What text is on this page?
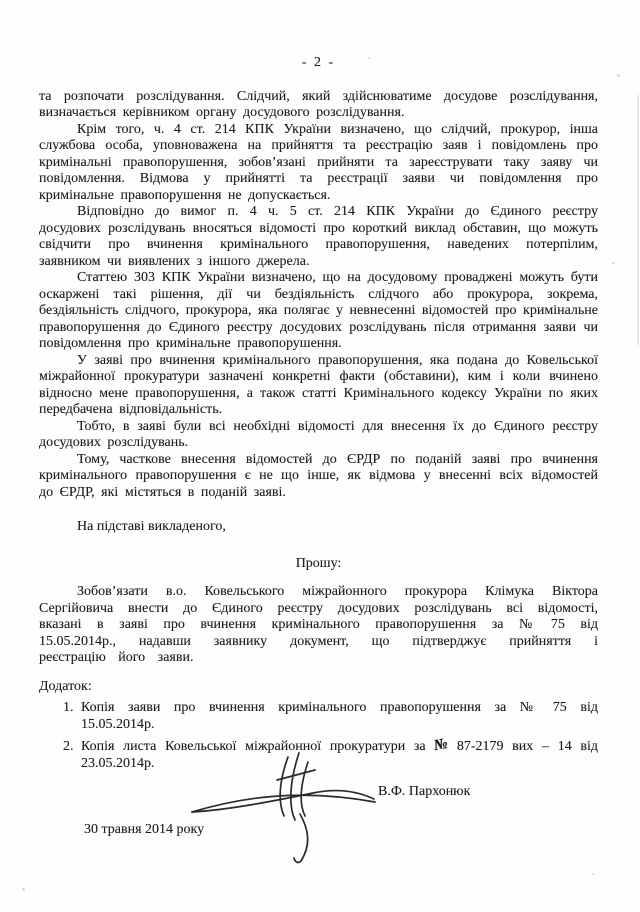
- 2 -

та розпочати розслідування. Слідчий, який здійснюватиме досудове розслідування, визначається керівником органу досудового розслідування.

Крім того, ч. 4 ст. 214 КПК України визначено, що слідчий, прокурор, інша службова особа, уповноважена на прийняття та реєстрацію заяв і повідомлень про кримінальні правопорушення, зобов’язані прийняти та зареєструвати таку заяву чи повідомлення. Відмова у прийнятті та реєстрації заяви чи повідомлення про кримінальне правопорушення не допускається.

Відповідно до вимог п. 4 ч. 5 ст. 214 КПК України до Єдиного реєстру досудових розслідувань вносяться відомості про короткий виклад обставин, що можуть свідчити про вчинення кримінального правопорушення, наведених потерпілим, заявником чи виявлених з іншого джерела.

Статтею 303 КПК України визначено, що на досудовому проваджені можуть бути оскаржені такі рішення, дії чи бездіяльність слідчого або прокурора, зокрема, бездіяльність слідчого, прокурора, яка полягає у невнесенні відомостей про кримінальне правопорушення до Єдиного реєстру досудових розслідувань після отримання заяви чи повідомлення про кримінальне правопорушення.

У заяві про вчинення кримінального правопорушення, яка подана до Ковельської міжрайонної прокуратури зазначені конкретні факти (обставини), ким і коли вчинено відносно мене правопорушення, а також статті Кримінального кодексу України по яких передбачена відповідальність.

Тобто, в заяві були всі необхідні відомості для внесення їх до Єдиного реєстру досудових розслідувань.

Тому, часткове внесення відомостей до ЄРДР по поданій заяві про вчинення кримінального правопорушення є не що інше, як відмова у внесенні всіх відомостей до ЄРДР, які містяться в поданій заяві.

На підставі викладеного,

Прошу:

Зобов’язати в.о. Ковельського міжрайонного прокурора Клімука Віктора Сергійовича внести до Єдиного реєстру досудових розслідувань всі відомості, вказані в заяві про вчинення кримінального правопорушення за № 75 від 15.05.2014р., надавши заявнику документ, що підтверджує прийняття і реєстрацію його заяви.

Додаток:
1. Копія заяви про вчинення кримінального правопорушення за № 75 від 15.05.2014р.
2. Копія листа Ковельської міжрайонної прокуратури за № 87-2179 вих – 14 від 23.05.2014р.
В.Ф. Пархонюк
30 травня 2014 року
